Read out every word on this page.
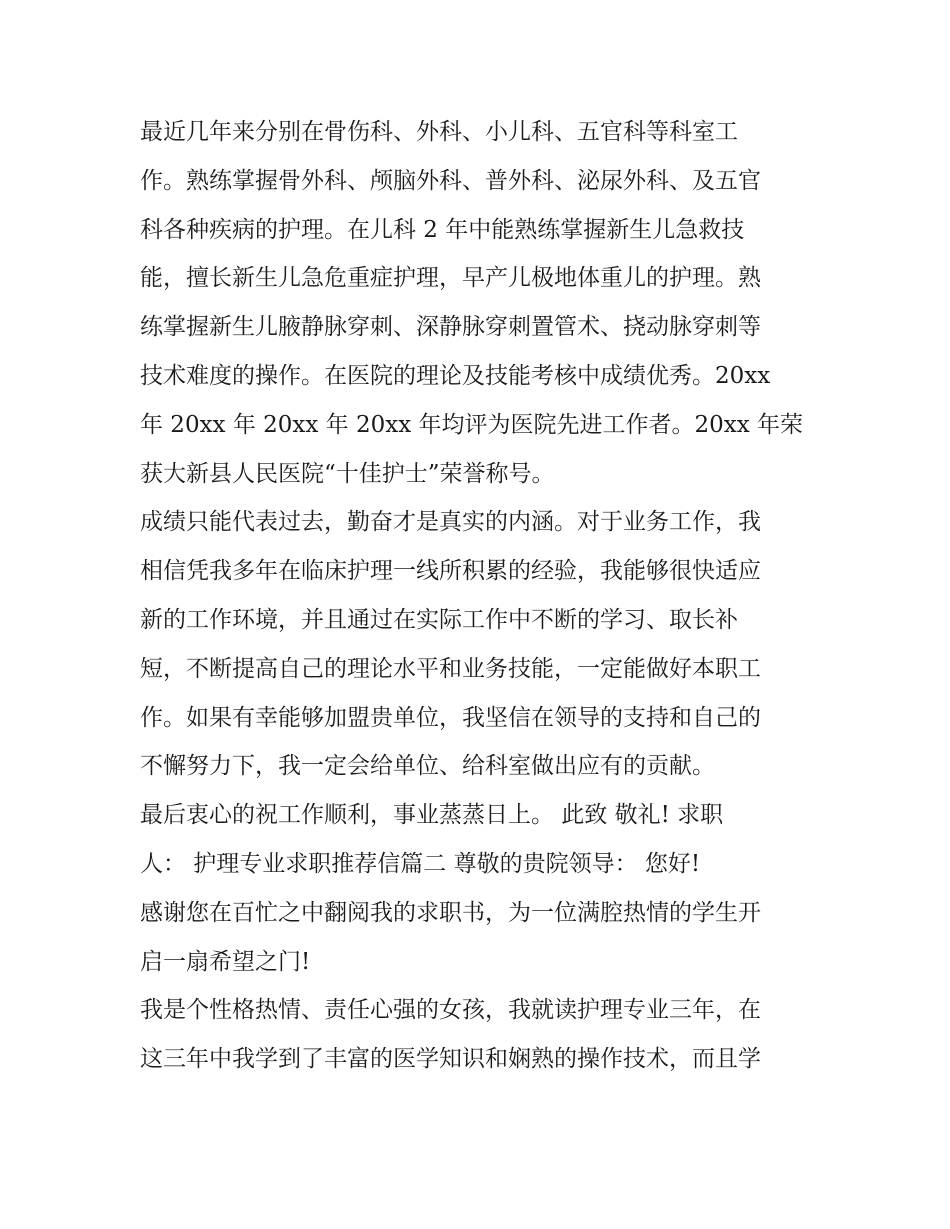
最近几年来分别在骨伤科、外科、小儿科、五官科等科室工
作。熟练掌握骨外科、颅脑外科、普外科、泌尿外科、及五官
科各种疾病的护理。在儿科 2 年中能熟练掌握新生儿急救技
能，擅长新生儿急危重症护理，早产儿极地体重儿的护理。熟
练掌握新生儿腋静脉穿刺、深静脉穿刺置管术、挠动脉穿刺等
技术难度的操作。在医院的理论及技能考核中成绩优秀。20xx
年 20xx 年 20xx 年 20xx 年均评为医院先进工作者。20xx 年荣
获大新县人民医院“十佳护士”荣誉称号。
成绩只能代表过去，勤奋才是真实的内涵。对于业务工作，我
相信凭我多年在临床护理一线所积累的经验，我能够很快适应
新的工作环境，并且通过在实际工作中不断的学习、取长补
短，不断提高自己的理论水平和业务技能，一定能做好本职工
作。如果有幸能够加盟贵单位，我坚信在领导的支持和自己的
不懈努力下，我一定会给单位、给科室做出应有的贡献。
最后衷心的祝工作顺利，事业蒸蒸日上。 此致 敬礼! 求职
人： 护理专业求职推荐信篇二 尊敬的贵院领导： 您好!
感谢您在百忙之中翻阅我的求职书，为一位满腔热情的学生开
启一扇希望之门!
我是个性格热情、责任心强的女孩，我就读护理专业三年，在
这三年中我学到了丰富的医学知识和娴熟的操作技术，而且学
